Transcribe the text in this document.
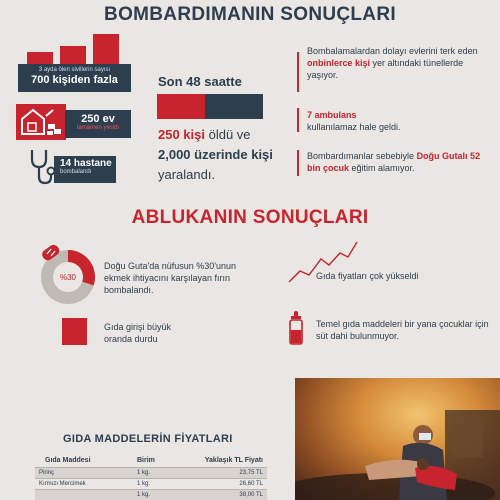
BOMBARDIMANIN SONUÇLARI
3 ayda ölen sivillerin sayısı
700 kişiden fazla
250 ev
tamamen yıkıldı
14 hastane
bombalandı
Son 48 saatte
250 kişi öldü ve
2,000 üzerinde kişi
yaralandı.
Bombalamalardan dolayı evlerini terk eden onbinlerce kişi yer altındaki tünellerde yaşıyor.
7 ambulans
kullanılamaz hale geldi.
Bombardımanlar sebebiyle Doğu Gutalı 52 bin çocuk eğitim alamıyor.
ABLUKANIN SONUÇLARI
%30
Doğu Guta'da nüfusun %30'unun ekmek ihtiyacını karşılayan fırın bombalandı.
Gıda fiyatları çok yükseldi
Gıda girişi büyük oranda durdu
Temel gıda maddeleri bir yana çocuklar için süt dahi bulunmuyor.
GIDA MADDELERİN FİYATLARI
Gıda Maddesi	Birim	Yaklaşık TL Fiyatı
Pirinç	1 kg.	23,75 TL
Kırmızı Mercimek	1 kg.	26,60 TL
	1 kg.	38,00 TL
